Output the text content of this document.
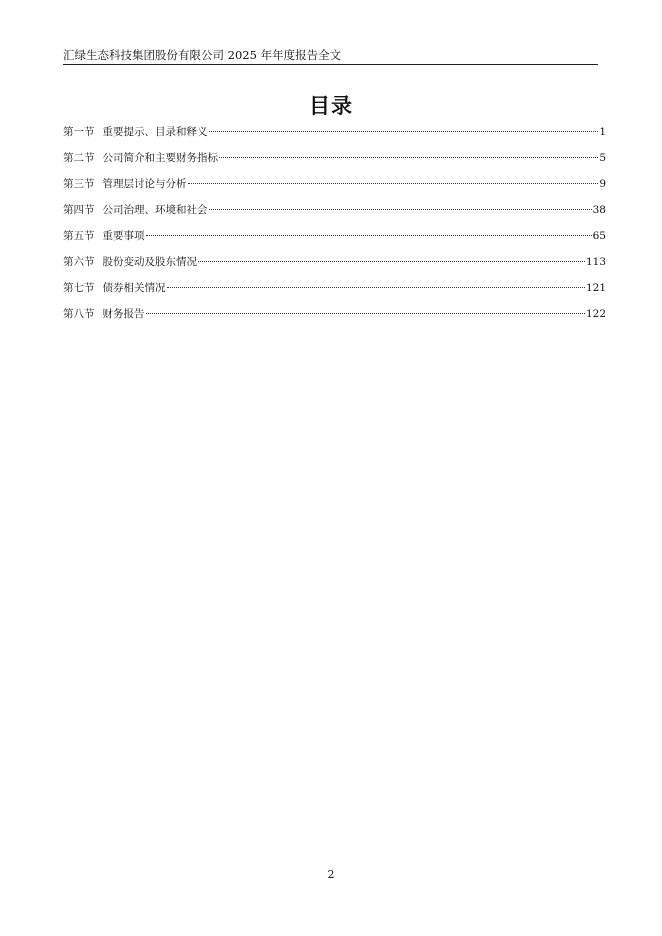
汇绿生态科技集团股份有限公司 2025 年年度报告全文
目录
第一节 重要提示、目录和释义	1
第二节 公司简介和主要财务指标	5
第三节 管理层讨论与分析	9
第四节 公司治理、环境和社会	38
第五节 重要事项	65
第六节 股份变动及股东情况	113
第七节 债券相关情况	121
第八节 财务报告	122
2
